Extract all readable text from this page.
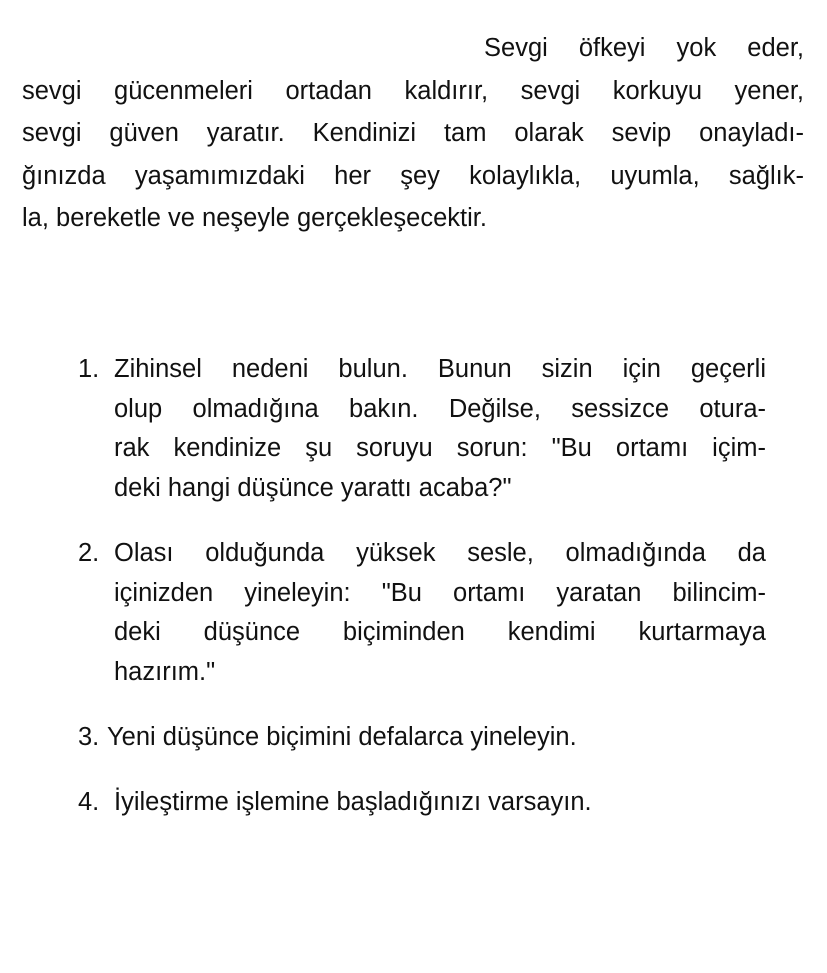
Sevgi öfkeyi yok eder,
sevgi gücenmeleri ortadan kaldırır, sevgi korkuyu yener,
sevgi güven yaratır. Kendinizi tam olarak sevip onayladı-
ğınızda yaşamımızdaki her şey kolaylıkla, uyumla, sağlık-
la, bereketle ve neşeyle gerçekleşecektir.
1. Zihinsel nedeni bulun. Bunun sizin için geçerli
olup olmadığına bakın. Değilse, sessizce otura-
rak kendinize şu soruyu sorun: "Bu ortamı içim-
deki hangi düşünce yarattı acaba?"
2. Olası olduğunda yüksek sesle, olmadığında da
içinizden yineleyin: "Bu ortamı yaratan bilincim-
deki düşünce biçiminden kendimi kurtarmaya
hazırım."
3. Yeni düşünce biçimini defalarca yineleyin.
4. İyileştirme işlemine başladığınızı varsayın.
